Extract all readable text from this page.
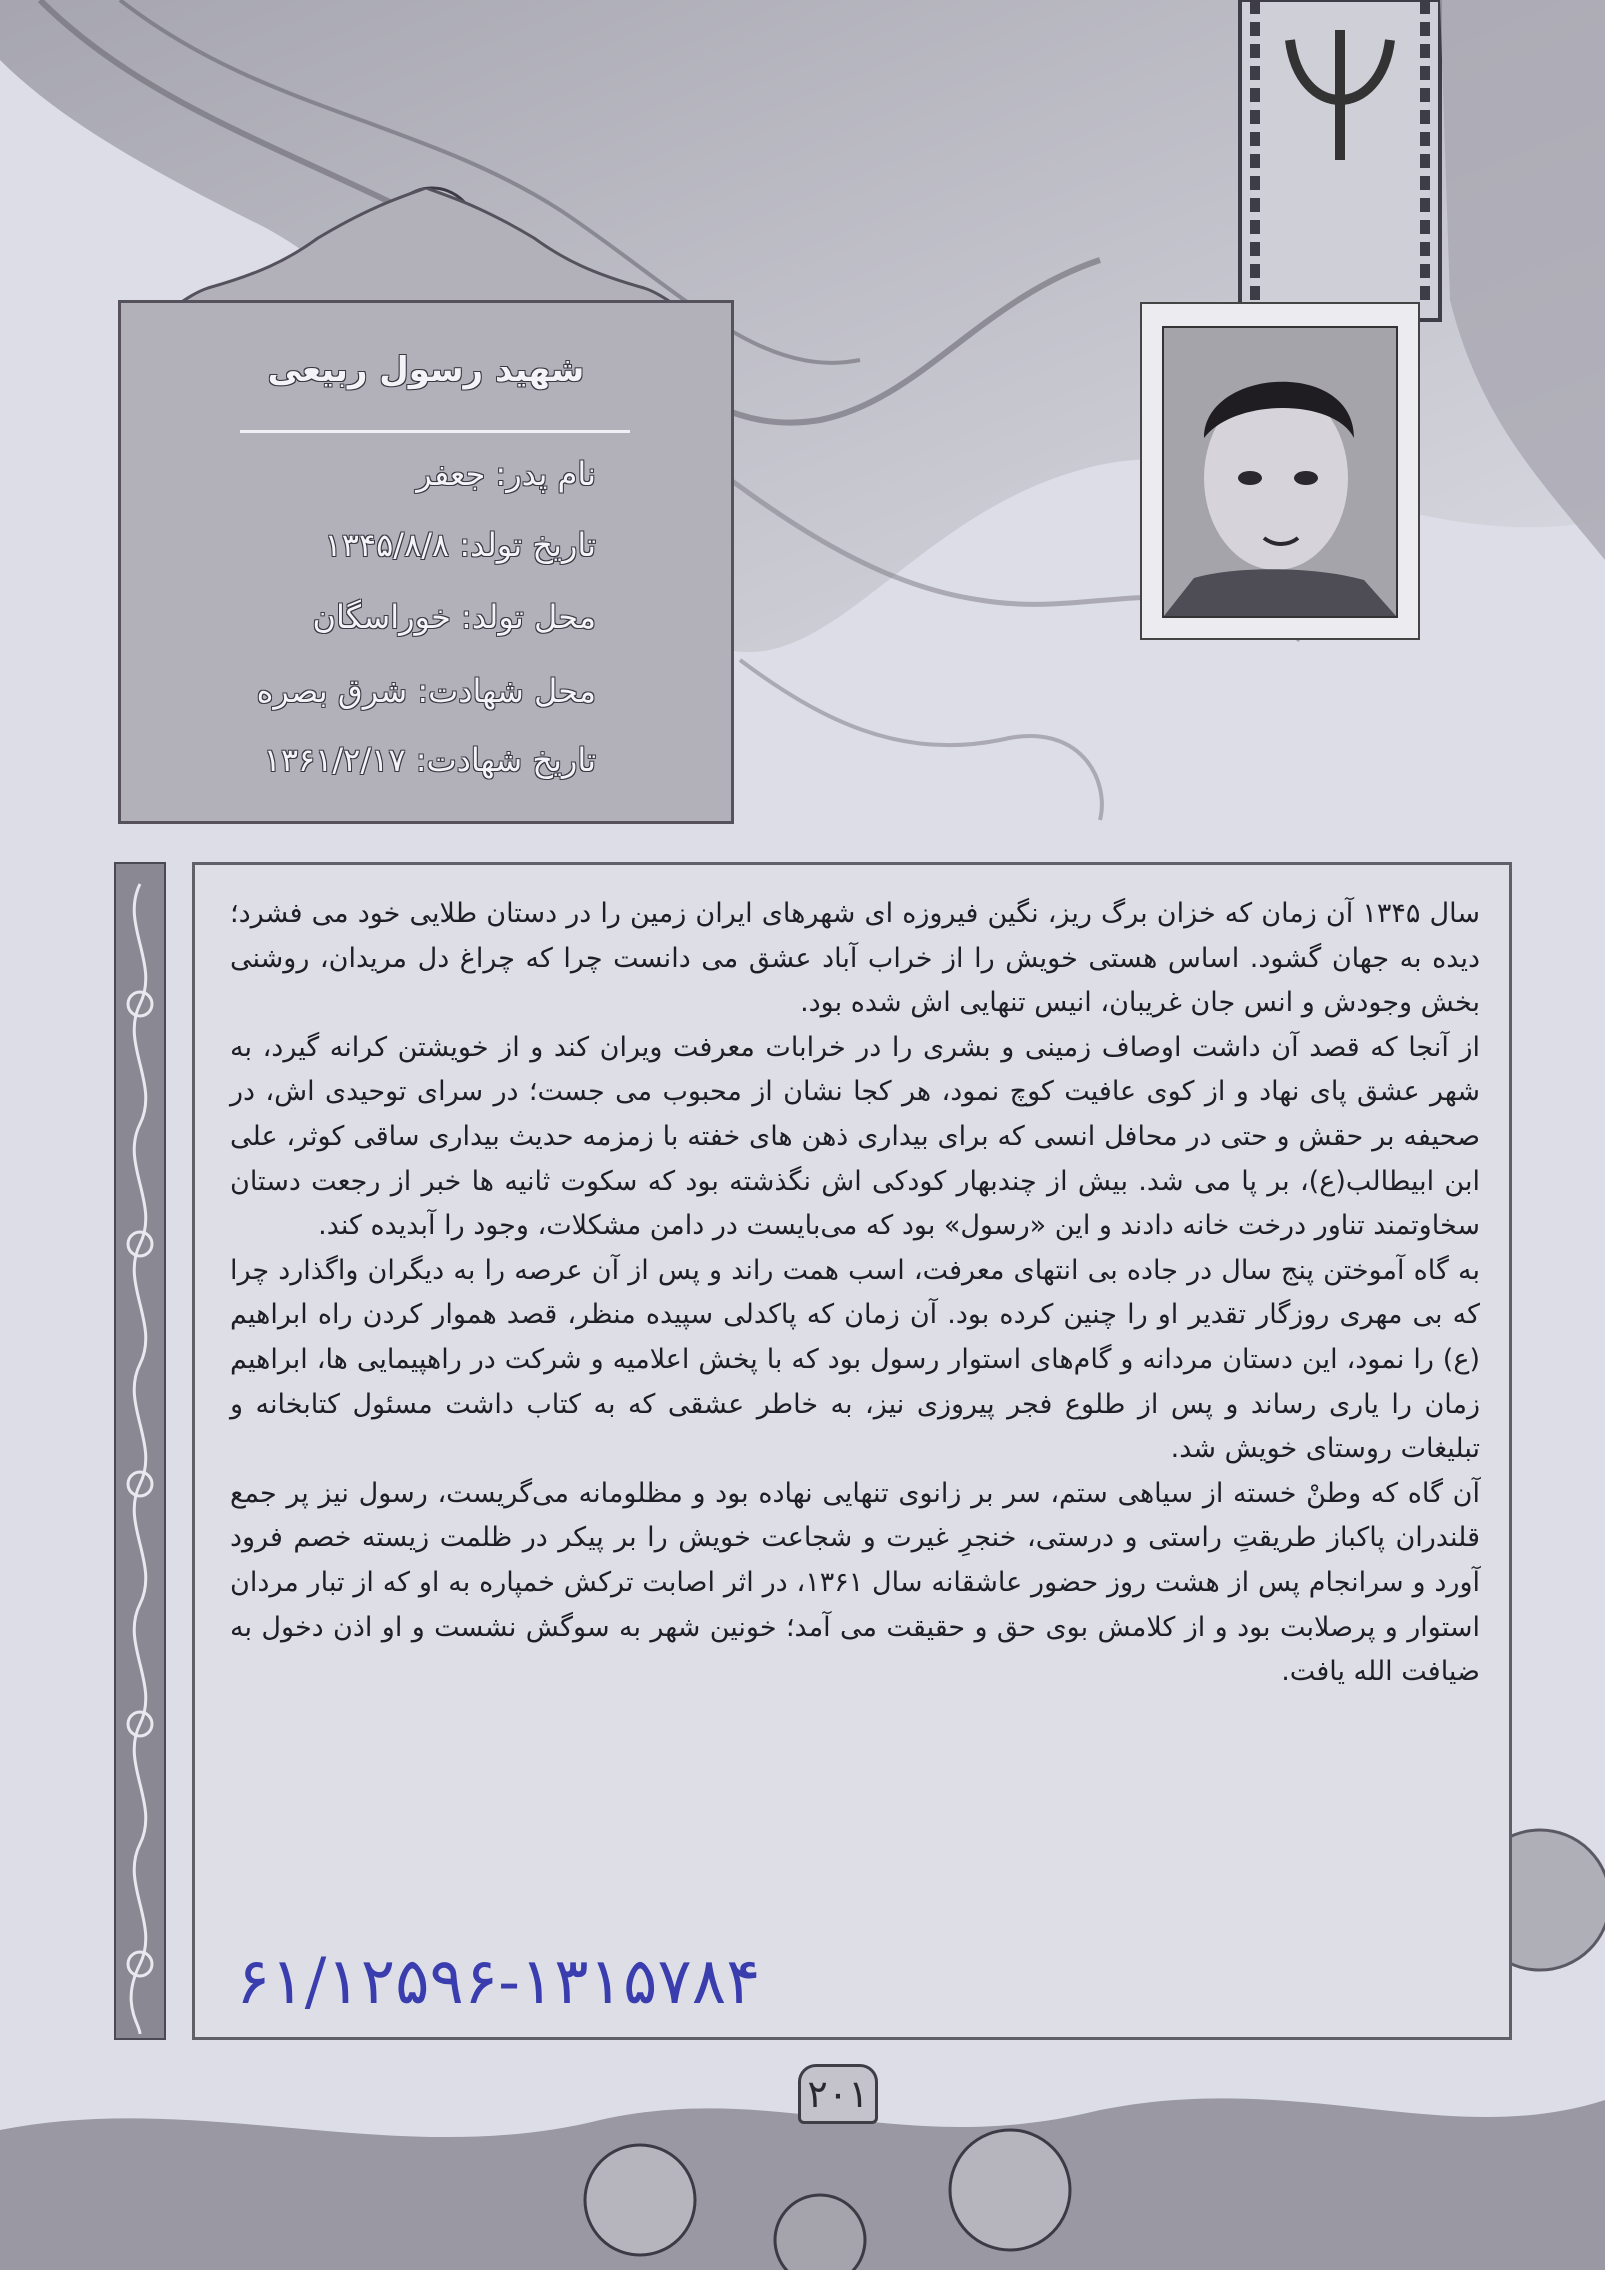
شهید رسول ربیعی
نام پدر: جعفر
تاریخ تولد: ۱۳۴۵/۸/۸
محل تولد: خوراسگان
محل شهادت: شرق بصره
تاریخ شهادت: ۱۳۶۱/۲/۱۷

سال ۱۳۴۵ آن زمان که خزان برگ ریز، نگین فیروزه ای شهرهای ایران زمین را در دستان طلایی خود می فشرد؛ دیده به جهان گشود. اساس هستی خویش را از خراب آباد عشق می دانست چرا که چراغ دل مریدان، روشنی بخش وجودش و انس جان غریبان، انیس تنهایی اش شده بود.

از آنجا که قصد آن داشت اوصاف زمینی و بشری را در خرابات معرفت ویران کند و از خویشتن کرانه گیرد، به شهر عشق پای نهاد و از کوی عافیت کوچ نمود، هر کجا نشان از محبوب می جست؛ در سرای توحیدی اش، در صحیفه بر حقش و حتی در محافل انسی که برای بیداری ذهن های خفته با زمزمه حدیث بیداری ساقی کوثر، علی ابن ابیطالب(ع)، بر پا می شد. بیش از چندبهار کودکی اش نگذشته بود که سکوت ثانیه ها خبر از رجعت دستان سخاوتمند تناور درخت خانه دادند و این «رسول» بود که می‌بایست در دامن مشکلات، وجود را آبدیده کند.

به گاه آموختن پنج سال در جاده بی انتهای معرفت، اسب همت راند و پس از آن عرصه را به دیگران واگذارد چرا که بی مهری روزگار تقدیر او را چنین کرده بود. آن زمان که پاکدلی سپیده منظر، قصد هموار کردن راه ابراهیم (ع) را نمود، این دستان مردانه و گام‌های استوار رسول بود که با پخش اعلامیه و شرکت در راهپیمایی ها، ابراهیم زمان را یاری رساند و پس از طلوع فجر پیروزی نیز، به خاطر عشقی که به کتاب داشت مسئول کتابخانه و تبلیغات روستای خویش شد.

آن گاه که وطنْ خسته از سیاهی ستم، سر بر زانوی تنهایی نهاده بود و مظلومانه می‌گریست، رسول نیز پر جمع قلندران پاکباز طریقتِ راستی و درستی، خنجرِ غیرت و شجاعت خویش را بر پیکر در ظلمت زیسته خصم فرود آورد و سرانجام پس از هشت روز حضور عاشقانه سال ۱۳۶۱، در اثر اصابت ترکش خمپاره به او که از تبار مردان استوار و پرصلابت بود و از کلامش بوی حق و حقیقت می آمد؛ خونین شهر به سوگش نشست و او اذن دخول به ضیافت الله یافت.

۶۱/۱۲۵۹۶-۱۳۱۵۷۸۴
۲۰۱
